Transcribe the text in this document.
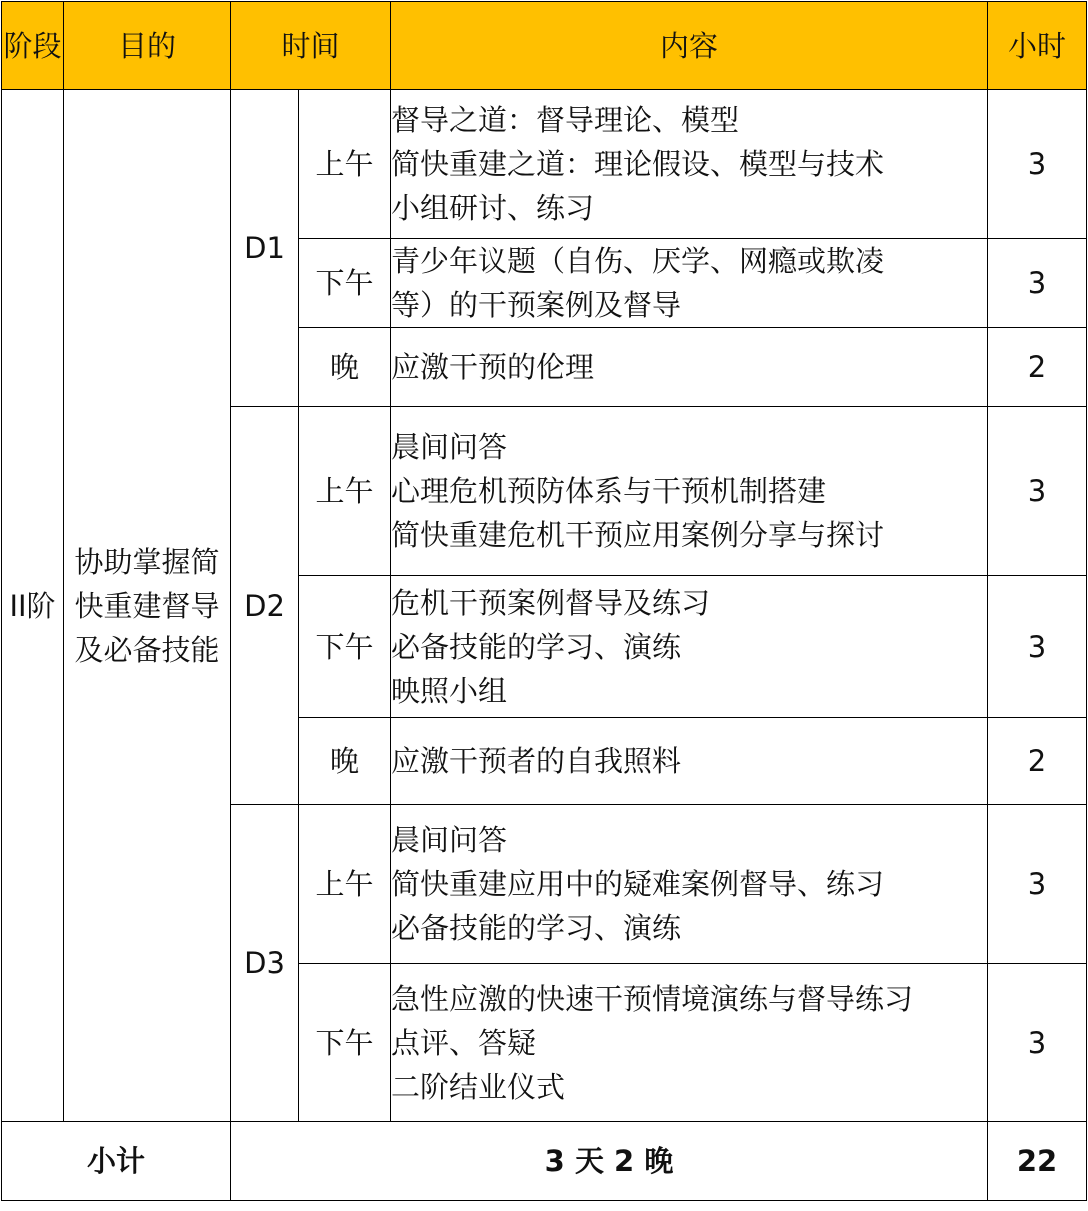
阶段	目的	时间		内容	小时
II阶	协助掌握简快重建督导及必备技能	D1	上午	督导之道：督导理论、模型
简快重建之道：理论假设、模型与技术
小组研讨、练习	3
			下午	青少年议题（自伤、厌学、网瘾或欺凌
等）的干预案例及督导	3
			晚	应激干预的伦理	2
		D2	上午	晨间问答
心理危机预防体系与干预机制搭建
简快重建危机干预应用案例分享与探讨	3
			下午	危机干预案例督导及练习
必备技能的学习、演练
映照小组	3
			晚	应激干预者的自我照料	2
		D3	上午	晨间问答
简快重建应用中的疑难案例督导、练习
必备技能的学习、演练	3
			下午	急性应激的快速干预情境演练与督导练习
点评、答疑
二阶结业仪式	3
小计		3 天 2 晚			22
